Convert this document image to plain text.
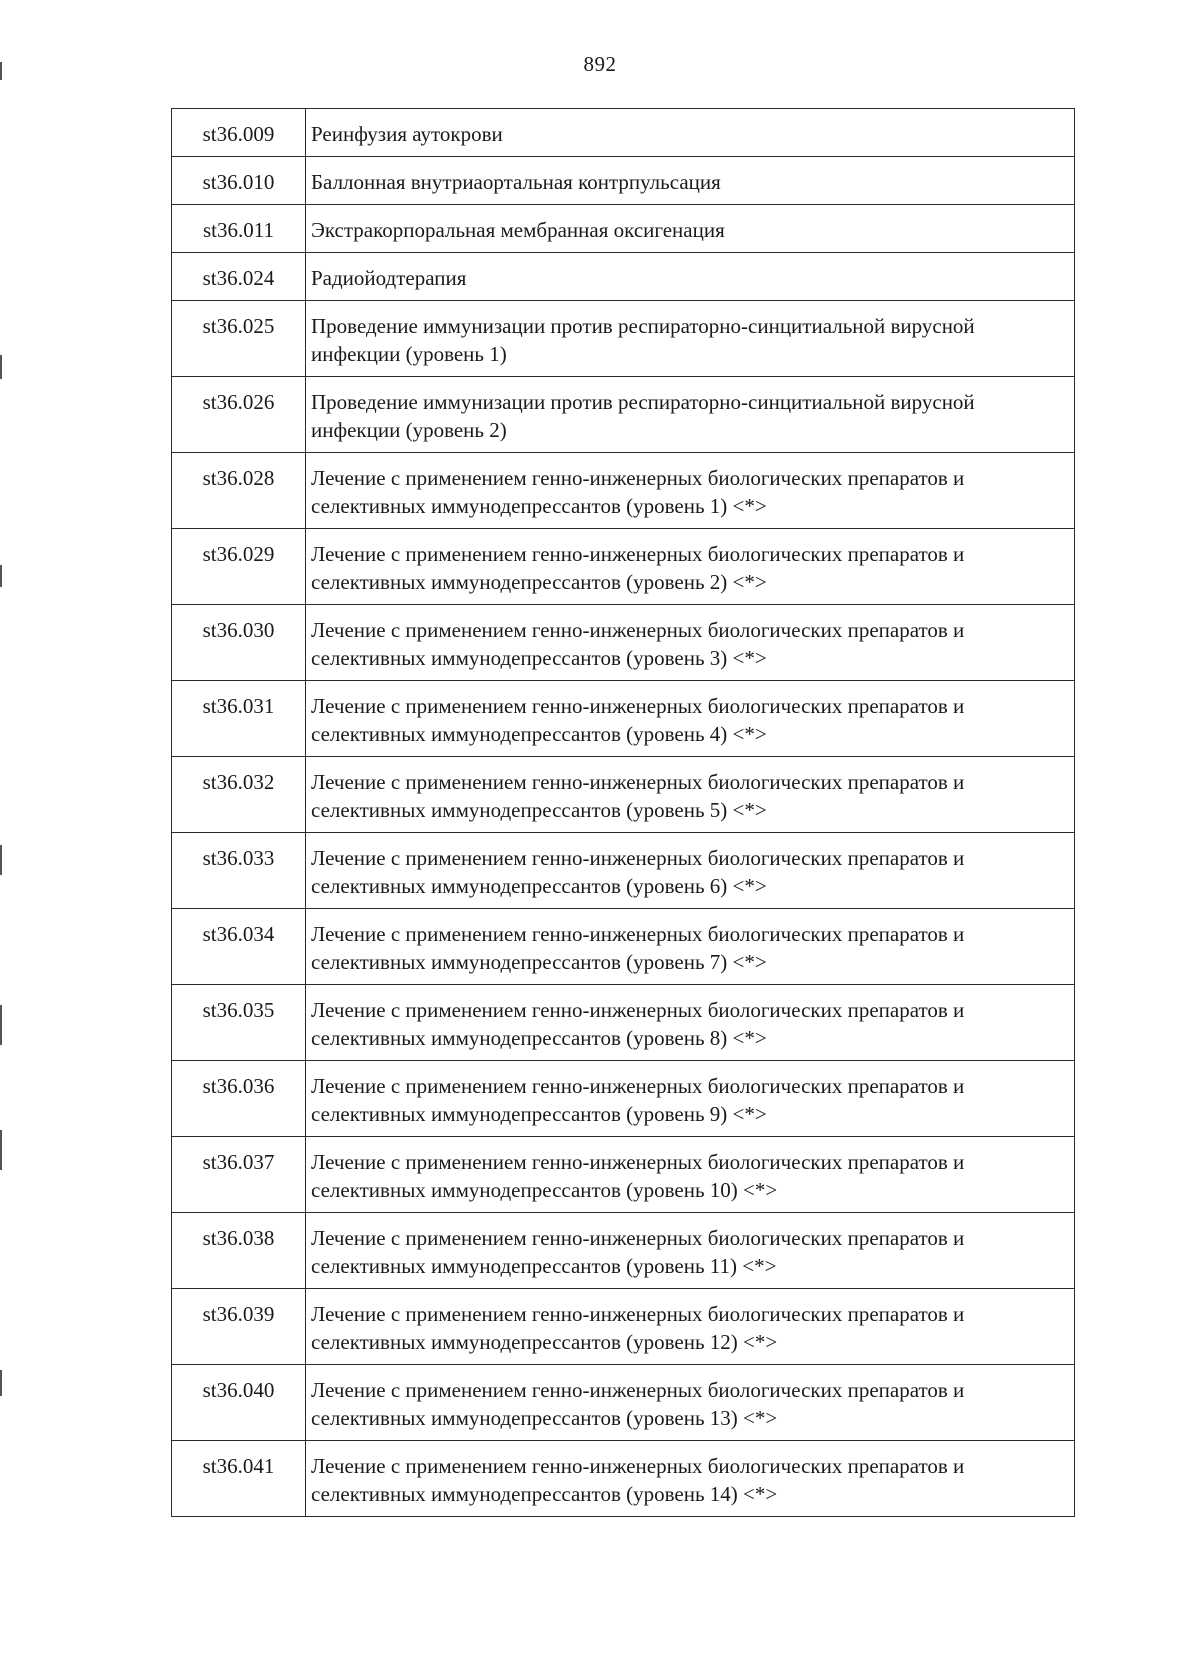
892
st36.009	Реинфузия аутокрови
st36.010	Баллонная внутриаортальная контрпульсация
st36.011	Экстракорпоральная мембранная оксигенация
st36.024	Радиойодтерапия
st36.025	Проведение иммунизации против респираторно-синцитиальной вирусной инфекции (уровень 1)
st36.026	Проведение иммунизации против респираторно-синцитиальной вирусной инфекции (уровень 2)
st36.028	Лечение с применением генно-инженерных биологических препаратов и селективных иммунодепрессантов (уровень 1) <*>
st36.029	Лечение с применением генно-инженерных биологических препаратов и селективных иммунодепрессантов (уровень 2) <*>
st36.030	Лечение с применением генно-инженерных биологических препаратов и селективных иммунодепрессантов (уровень 3) <*>
st36.031	Лечение с применением генно-инженерных биологических препаратов и селективных иммунодепрессантов (уровень 4) <*>
st36.032	Лечение с применением генно-инженерных биологических препаратов и селективных иммунодепрессантов (уровень 5) <*>
st36.033	Лечение с применением генно-инженерных биологических препаратов и селективных иммунодепрессантов (уровень 6) <*>
st36.034	Лечение с применением генно-инженерных биологических препаратов и селективных иммунодепрессантов (уровень 7) <*>
st36.035	Лечение с применением генно-инженерных биологических препаратов и селективных иммунодепрессантов (уровень 8) <*>
st36.036	Лечение с применением генно-инженерных биологических препаратов и селективных иммунодепрессантов (уровень 9) <*>
st36.037	Лечение с применением генно-инженерных биологических препаратов и селективных иммунодепрессантов (уровень 10) <*>
st36.038	Лечение с применением генно-инженерных биологических препаратов и селективных иммунодепрессантов (уровень 11) <*>
st36.039	Лечение с применением генно-инженерных биологических препаратов и селективных иммунодепрессантов (уровень 12) <*>
st36.040	Лечение с применением генно-инженерных биологических препаратов и селективных иммунодепрессантов (уровень 13) <*>
st36.041	Лечение с применением генно-инженерных биологических препаратов и селективных иммунодепрессантов (уровень 14) <*>
